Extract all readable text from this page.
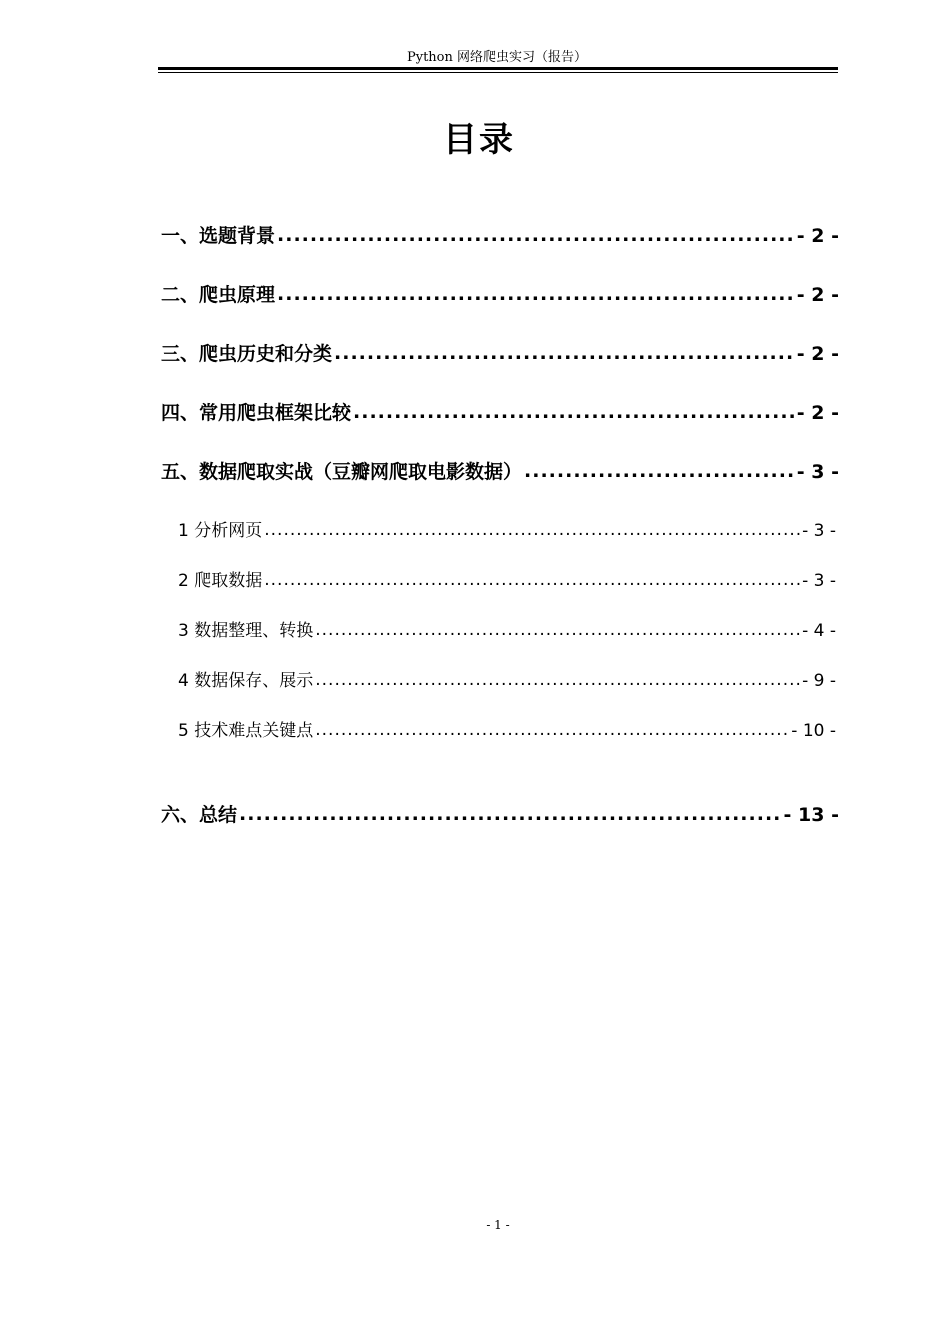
Python 网络爬虫实习（报告）
目录
一、选题背景 .....	- 2 -
二、爬虫原理 .....	- 2 -
三、爬虫历史和分类 .....	- 2 -
四、常用爬虫框架比较 .....	- 2 -
五、数据爬取实战（豆瓣网爬取电影数据） .....	- 3 -
1 分析网页 .....	- 3 -
2 爬取数据 .....	- 3 -
3 数据整理、转换 .....	- 4 -
4 数据保存、展示 .....	- 9 -
5 技术难点关键点 .....	- 10 -
六、总结 .....	- 13 -
- 1 -
